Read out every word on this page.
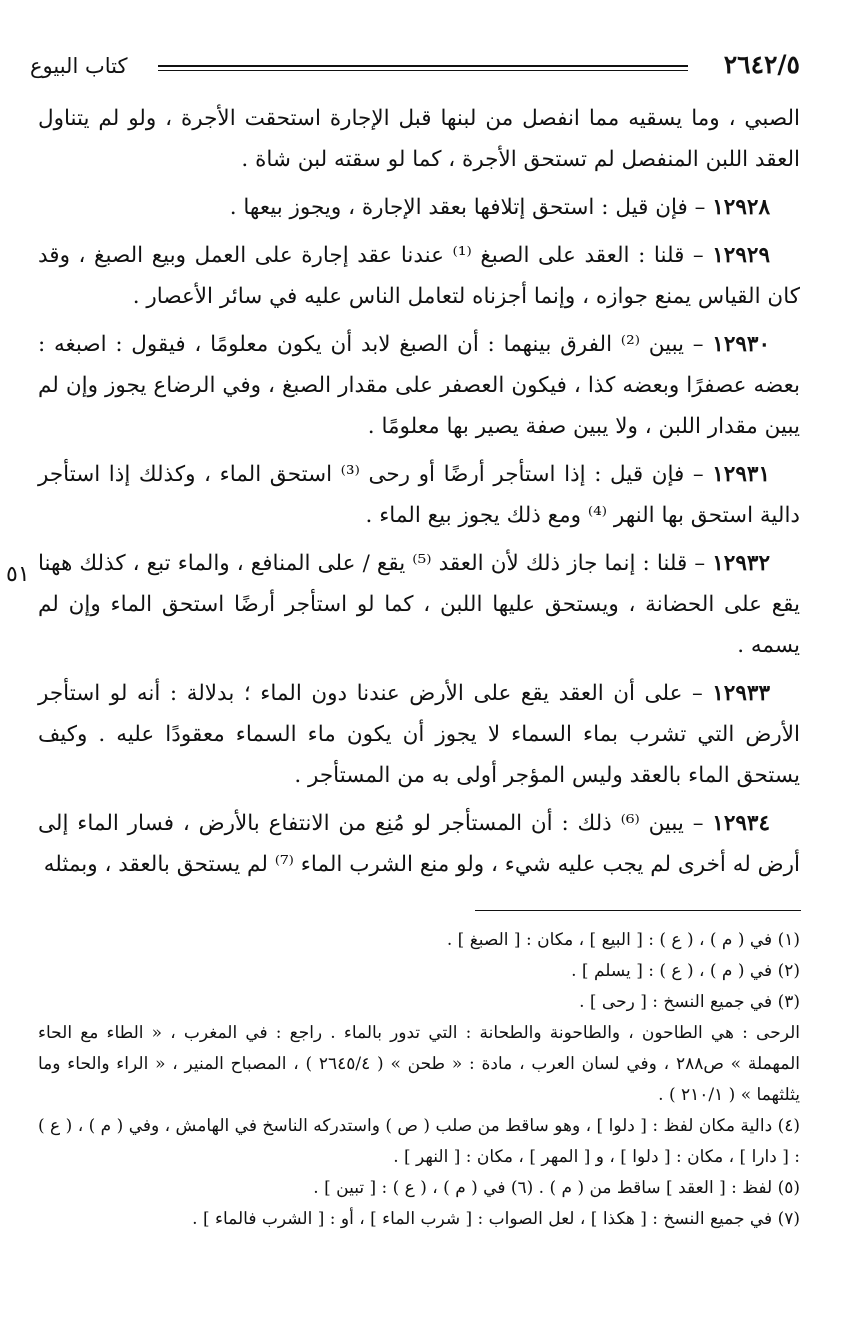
٢٦٤٢/٥
كتاب البيوع

الصبي ، وما يسقيه مما انفصل من لبنها قبل الإجارة استحقت الأجرة ، ولو لم يتناول العقد اللبن المنفصل لم تستحق الأجرة ، كما لو سقته لبن شاة .

١٢٩٢٨ – فإن قيل : استحق إتلافها بعقد الإجارة ، ويجوز بيعها .

١٢٩٢٩ – قلنا : العقد على الصبغ ⁽¹⁾ عندنا عقد إجارة على العمل وبيع الصبغ ، وقد كان القياس يمنع جوازه ، وإنما أجزناه لتعامل الناس عليه في سائر الأعصار .

١٢٩٣٠ – يبين ⁽²⁾ الفرق بينهما : أن الصبغ لابد أن يكون معلومًا ، فيقول : اصبغه : بعضه عصفرًا وبعضه كذا ، فيكون العصفر على مقدار الصبغ ، وفي الرضاع يجوز وإن لم يبين مقدار اللبن ، ولا يبين صفة يصير بها معلومًا .

١٢٩٣١ – فإن قيل : إذا استأجر أرضًا أو رحى ⁽³⁾ استحق الماء ، وكذلك إذا استأجر دالية استحق بها النهر ⁽⁴⁾ ومع ذلك يجوز بيع الماء .

١٢٩٣٢ – قلنا : إنما جاز ذلك لأن العقد ⁽⁵⁾ يقع / على المنافع ، والماء تبع ، كذلك ههنا يقع على الحضانة ، ويستحق عليها اللبن ، كما لو استأجر أرضًا استحق الماء وإن لم يسمه .

١٢٩٣٣ – على أن العقد يقع على الأرض عندنا دون الماء ؛ بدلالة : أنه لو استأجر الأرض التي تشرب بماء السماء لا يجوز أن يكون ماء السماء معقودًا عليه . وكيف يستحق الماء بالعقد وليس المؤجر أولى به من المستأجر .

١٢٩٣٤ – يبين ⁽⁶⁾ ذلك : أن المستأجر لو مُنِع من الانتفاع بالأرض ، فسار الماء إلى أرض له أخرى لم يجب عليه شيء ، ولو منع الشرب الماء ⁽⁷⁾ لم يستحق بالعقد ، وبمثله

٥١

(١) في ( م ) ، ( ع ) : [ البيع ] ، مكان : [ الصبغ ] .

(٢) في ( م ) ، ( ع ) : [ يسلم ] .

(٣) في جميع النسخ : [ رحى ] .

الرحى : هي الطاحون ، والطاحونة والطحانة : التي تدور بالماء . راجع : في المغرب ، « الطاء مع الحاء المهملة » ص٢٨٨ ، وفي لسان العرب ، مادة : « طحن » ( ٢٦٤٥/٤ ) ، المصباح المنير ، « الراء والحاء وما يثلثهما » ( ٢١٠/١ ) .

(٤) دالية مكان لفظ : [ دلوا ] ، وهو ساقط من صلب ( ص ) واستدركه الناسخ في الهامش ، وفي ( م ) ، ( ع ) : [ دارا ] ، مكان : [ دلوا ] ، و [ المهر ] ، مكان : [ النهر ] .

(٥) لفظ : [ العقد ] ساقط من ( م ) . (٦) في ( م ) ، ( ع ) : [ تبين ] .

(٧) في جميع النسخ : [ هكذا ] ، لعل الصواب : [ شرب الماء ] ، أو : [ الشرب فالماء ] .
